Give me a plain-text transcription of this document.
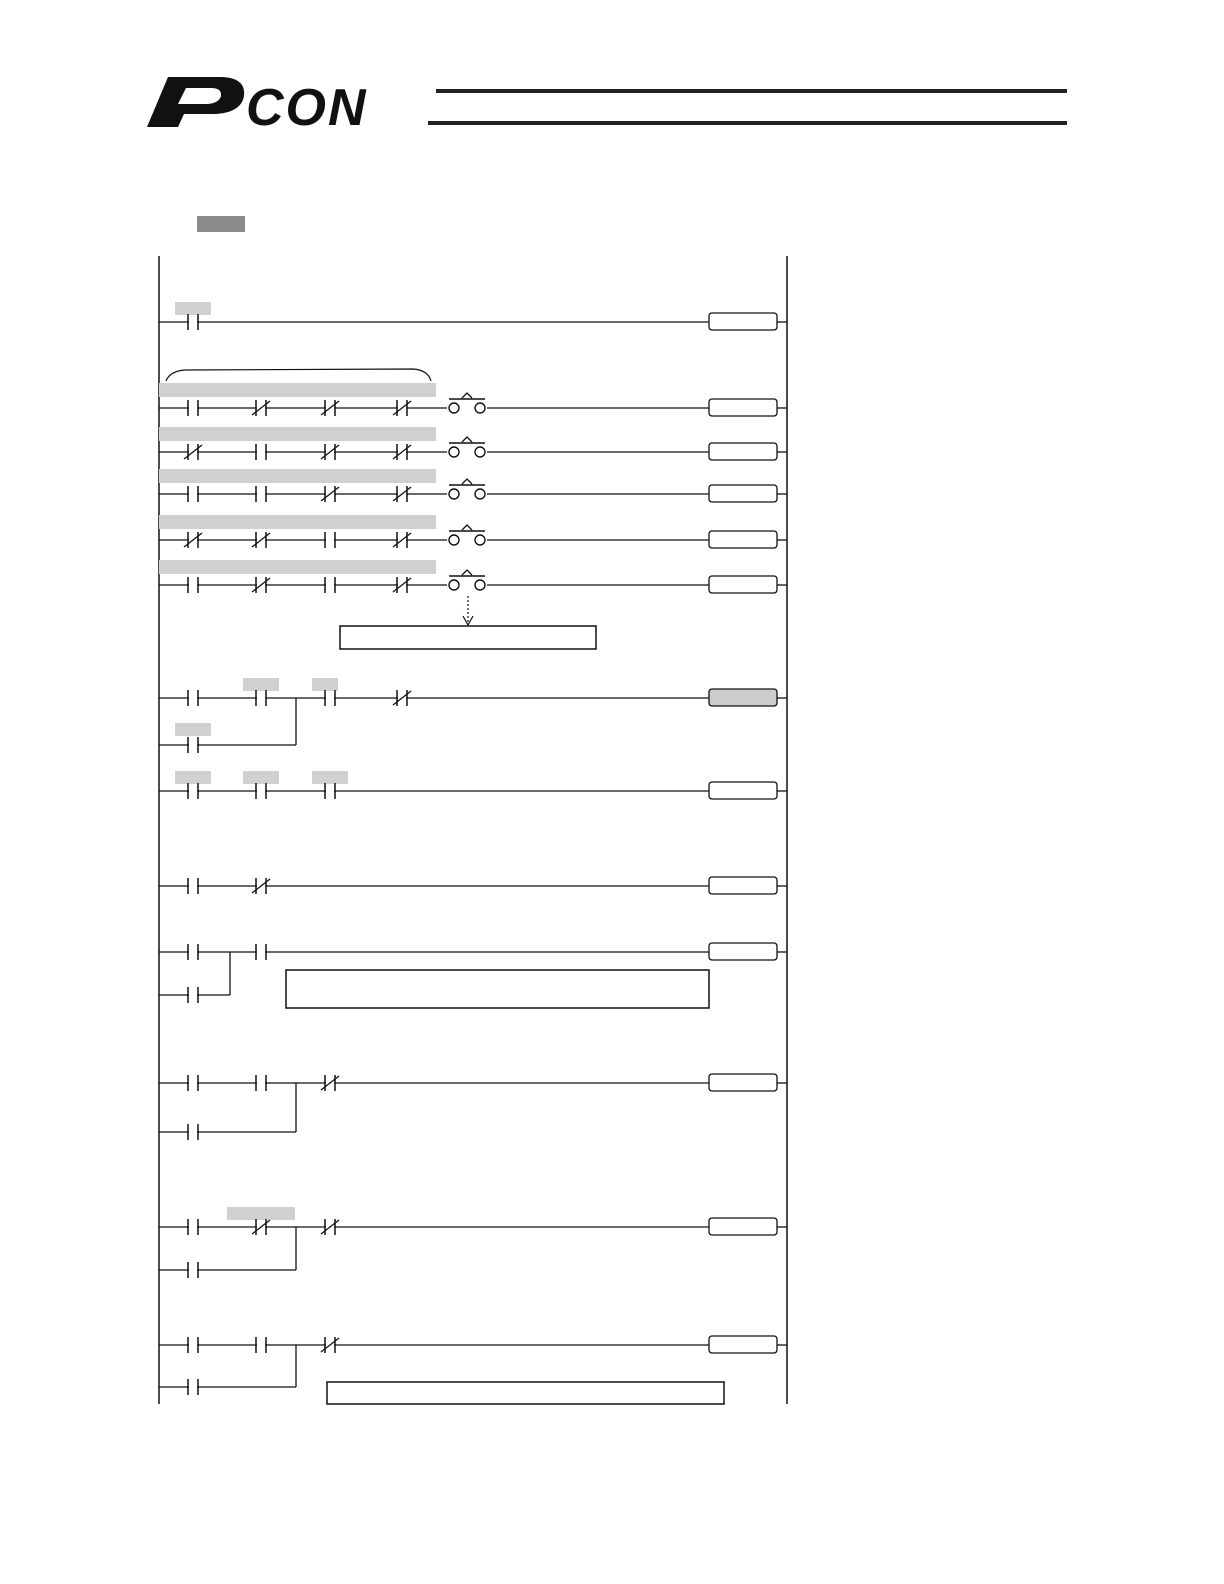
CON
